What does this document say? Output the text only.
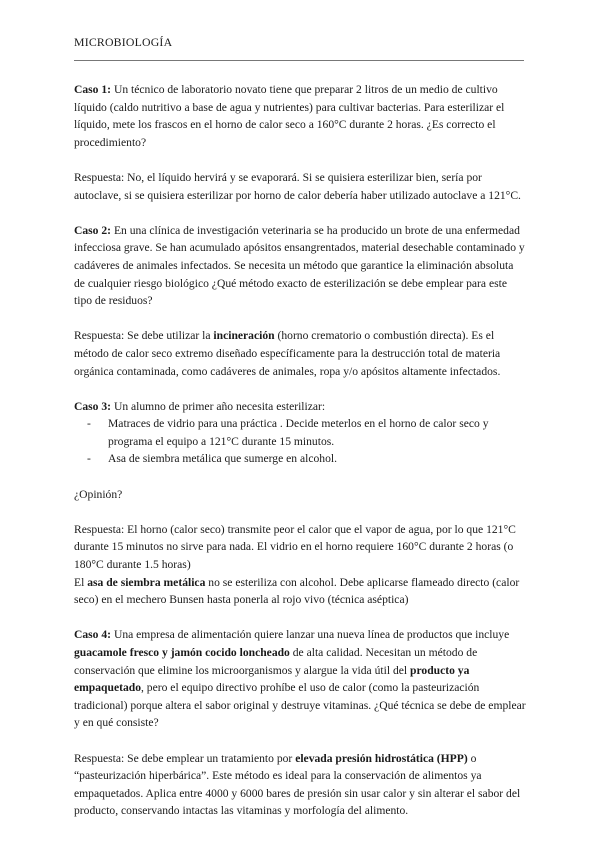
MICROBIOLOGÍA

Caso 1: Un técnico de laboratorio novato tiene que preparar 2 litros de un medio de cultivo líquido (caldo nutritivo a base de agua y nutrientes) para cultivar bacterias. Para esterilizar el líquido, mete los frascos en el horno de calor seco a 160°C durante 2 horas. ¿Es correcto el procedimiento?

Respuesta: No, el líquido hervirá y se evaporará. Si se quisiera esterilizar bien, sería por autoclave, si se quisiera esterilizar por horno de calor debería haber utilizado autoclave a 121°C.

Caso 2: En una clínica de investigación veterinaria se ha producido un brote de una enfermedad infecciosa grave. Se han acumulado apósitos ensangrentados, material desechable contaminado y cadáveres de animales infectados. Se necesita un método que garantice la eliminación absoluta de cualquier riesgo biológico ¿Qué método exacto de esterilización se debe emplear para este tipo de residuos?

Respuesta: Se debe utilizar la incineración (horno crematorio o combustión directa). Es el método de calor seco extremo diseñado específicamente para la destrucción total de materia orgánica contaminada, como cadáveres de animales, ropa y/o apósitos altamente infectados.

Caso 3: Un alumno de primer año necesita esterilizar:

- Matraces de vidrio para una práctica . Decide meterlos en el horno de calor seco y programa el equipo a 121°C durante 15 minutos.
- Asa de siembra metálica que sumerge en alcohol.

¿Opinión?

Respuesta: El horno (calor seco) transmite peor el calor que el vapor de agua, por lo que 121°C durante 15 minutos no sirve para nada. El vidrio en el horno requiere 160°C durante 2 horas (o 180°C durante 1.5 horas)

El asa de siembra metálica no se esteriliza con alcohol. Debe aplicarse flameado directo (calor seco) en el mechero Bunsen hasta ponerla al rojo vivo (técnica aséptica)

Caso 4: Una empresa de alimentación quiere lanzar una nueva línea de productos que incluye guacamole fresco y jamón cocido loncheado de alta calidad. Necesitan un método de conservación que elimine los microorganismos y alargue la vida útil del producto ya empaquetado, pero el equipo directivo prohíbe el uso de calor (como la pasteurización tradicional) porque altera el sabor original y destruye vitaminas. ¿Qué técnica se debe de emplear y en qué consiste?

Respuesta: Se debe emplear un tratamiento por elevada presión hidrostática (HPP) o “pasteurización hiperbárica”. Este método es ideal para la conservación de alimentos ya empaquetados. Aplica entre 4000 y 6000 bares de presión sin usar calor y sin alterar el sabor del producto, conservando intactas las vitaminas y morfología del alimento.
